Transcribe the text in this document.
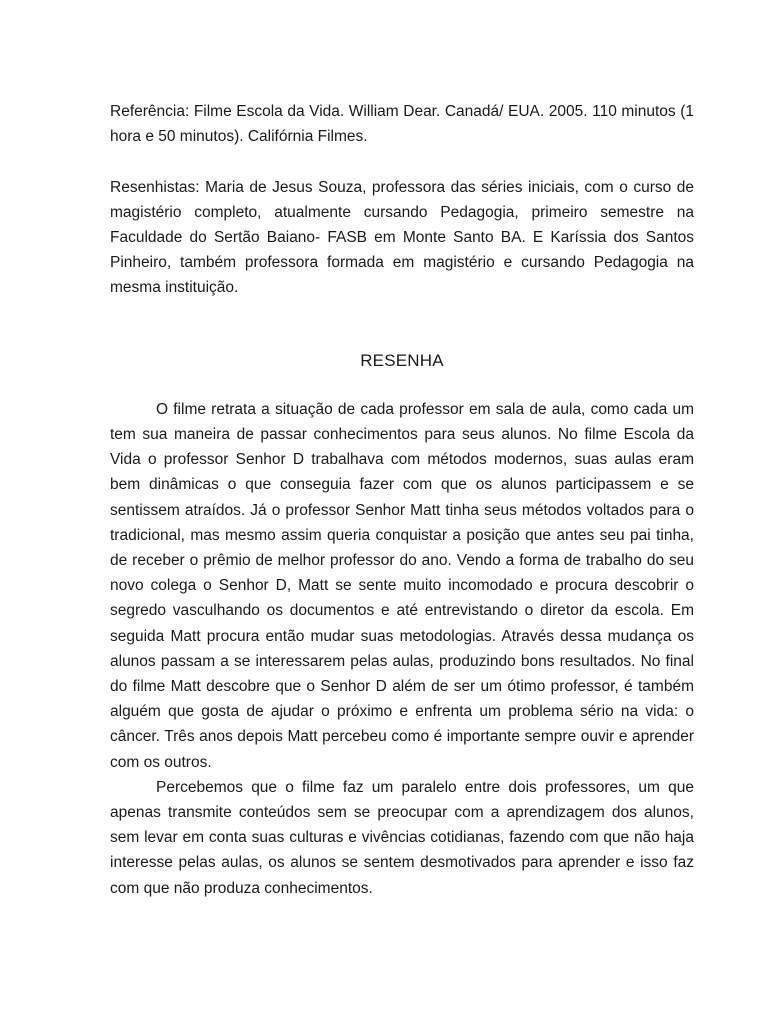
Referência: Filme Escola da Vida. William Dear. Canadá/ EUA. 2005. 110 minutos (1 hora e 50 minutos). Califórnia Filmes.

Resenhistas: Maria de Jesus Souza, professora das séries iniciais, com o curso de magistério completo, atualmente cursando Pedagogia, primeiro semestre na Faculdade do Sertão Baiano- FASB em Monte Santo BA. E Karíssia dos Santos Pinheiro, também professora formada em magistério e cursando Pedagogia na mesma instituição.

RESENHA

O filme retrata a situação de cada professor em sala de aula, como cada um tem sua maneira de passar conhecimentos para seus alunos. No filme Escola da Vida o professor Senhor D trabalhava com métodos modernos, suas aulas eram bem dinâmicas o que conseguia fazer com que os alunos participassem e se sentissem atraídos. Já o professor Senhor Matt tinha seus métodos voltados para o tradicional, mas mesmo assim queria conquistar a posição que antes seu pai tinha, de receber o prêmio de melhor professor do ano. Vendo a forma de trabalho do seu novo colega o Senhor D, Matt se sente muito incomodado e procura descobrir o segredo vasculhando os documentos e até entrevistando o diretor da escola. Em seguida Matt procura então mudar suas metodologias. Através dessa mudança os alunos passam a se interessarem pelas aulas, produzindo bons resultados. No final do filme Matt descobre que o Senhor D além de ser um ótimo professor, é também alguém que gosta de ajudar o próximo e enfrenta um problema sério na vida: o câncer. Três anos depois Matt percebeu como é importante sempre ouvir e aprender com os outros.

Percebemos que o filme faz um paralelo entre dois professores, um que apenas transmite conteúdos sem se preocupar com a aprendizagem dos alunos, sem levar em conta suas culturas e vivências cotidianas, fazendo com que não haja interesse pelas aulas, os alunos se sentem desmotivados para aprender e isso faz com que não produza conhecimentos.
